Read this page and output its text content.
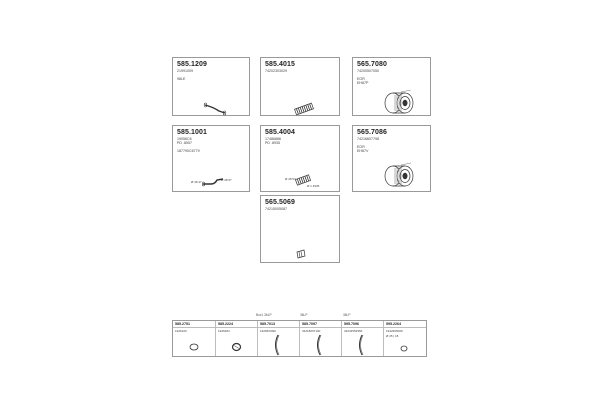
585.1209
21991009
98LE
585.4015
74202303029
565.7080
74200507050
EOR
EH87P
585.1001
19056C6
PD .8557
187790C6779
Ø 48 47	Ø 48 57
585.4004
17486886
PD .8935
Ø 48 57
Ø 1 4935
565.7086
74216607798
EOR
EH87V
565.5069
74215005087
Box1 36LP	36LP	36LP
585.2751
1926100
585.2224
1926484
585.7013
19295/0490
585.7097
34218007100
595.7096
34234554956
595.2264
1942605009
Ø 45 | 18
